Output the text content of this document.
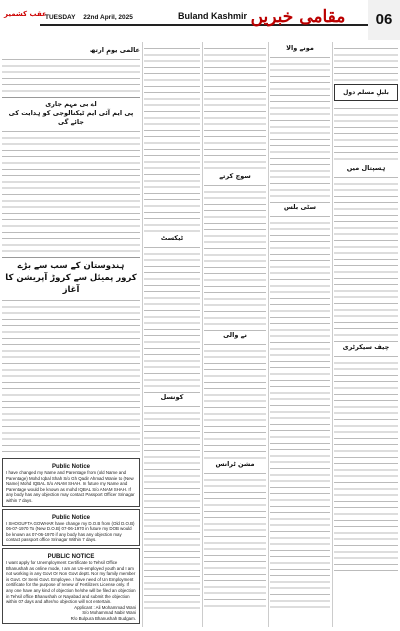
عقب کشمیر
TUESDAY 22nd April, 2025	Buland Kashmir مقامی خبریں	06
عالمی یومِ ارتھ
اے بی مہم جاری
پی ایم آئی ایم ٹیکنالوجی کو ہدایت کی جائے گی
ہندوستان کے سب سے بڑے
کرور پمیئل سے کروڑ آپریشن کا آغاز
Public Notice
I have changed my Name and Parentage from (old Name and Parentage) Mohd Iqbal Shah S/o Gh Qadir Ahmad Wanie to (New Name) Mohd IQBAL S/o ANAM SHAH. In future my Name and Parentage would be known as mohd IQBAL S/o ANAM SHAH. If any body has any objection may contact Passport Officer Srinagar within 7 days.
Public Notice
I SHOGUFTA GOWHAR have change my D.O.B from (Old D.O.B) 06-07-1970 To (New D.O.B) 07-06-1970 in future my DOB would be known as 07-06-1970 if any body has any objection may contact passport office Srinagar Within 7 days.
PUBLIC NOTICE
I want apply for Unemployment Certificate to Tehsil Office Bhanushah as online mode, I am an Un-employed youth and I am not working in any Govt Or Non Govt deptt. Nor my family member is Govt. Or Semi Govt. Employee. I have need of Un Employment certificate for the purpose of renew of Fertilizers License only. If any one have any kind of objection he/she will be filed an objection in Tehsil office Bhanushah or Nayabad and submit the objection within 07 days and after/no objection will not entertain.
Applicant : Ali Mohammad Wani
S/o Mohammad Nabir Wani
R/o Bulpura Bhanushah Budgam.
ٹیکسٹ
کونسل
سوچ کرتے
نے والی
مشن ٹرانس
مونے والا
سٹی بلس
بلبلِ مسلم دول
ہسپتال میں
چیف سیکرٹری
